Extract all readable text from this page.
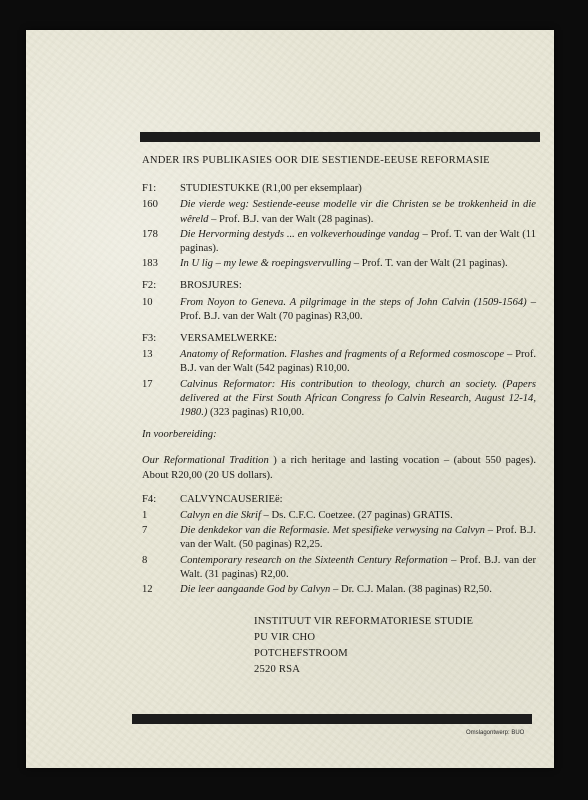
ANDER IRS PUBLIKASIES OOR DIE SESTIENDE-EEUSE REFORMASIE
F1:	STUDIESTUKKE (R1,00 per eksemplaar)
160	Die vierde weg: Sestiende-eeuse modelle vir die Christen se be trokkenheid in die wêreld – Prof. B.J. van der Walt (28 paginas).
178	Die Hervorming destyds ... en volkeverhoudinge vandag – Prof. T. van der Walt (11 paginas).
183	In U lig – my lewe & roepingsvervulling – Prof. T. van der Walt (21 paginas).
F2:	BROSJURES:
10	From Noyon to Geneva. A pilgrimage in the steps of John Calvin (1509-1564) – Prof. B.J. van der Walt (70 paginas) R3,00.
F3:	VERSAMELWERKE:
13	Anatomy of Reformation. Flashes and fragments of a Reformed cosmoscope – Prof. B.J. van der Walt (542 paginas) R10,00.
17	Calvinus Reformator: His contribution to theology, church an society. (Papers delivered at the First South African Congress fo Calvin Research, August 12-14, 1980.) (323 paginas) R10,00.
In voorbereiding:
Our Reformational Tradition ) a rich heritage and lasting vocation – (about 550 pages). About R20,00 (20 US dollars).
F4:	CALVYNCAUSERIEë:
1	Calvyn en die Skrif – Ds. C.F.C. Coetzee. (27 paginas) GRATIS.
7	Die denkdekor van die Reformasie. Met spesifieke verwysing na Calvyn – Prof. B.J. van der Walt. (50 paginas) R2,25.
8	Contemporary research on the Sixteenth Century Reformation – Prof. B.J. van der Walt. (31 paginas) R2,00.
12	Die leer aangaande God by Calvyn – Dr. C.J. Malan. (38 paginas) R2,50.
Omslagontwerp: BUO
INSTITUUT VIR REFORMATORIESE STUDIE
PU VIR CHO
POTCHEFSTROOM
2520 RSA
